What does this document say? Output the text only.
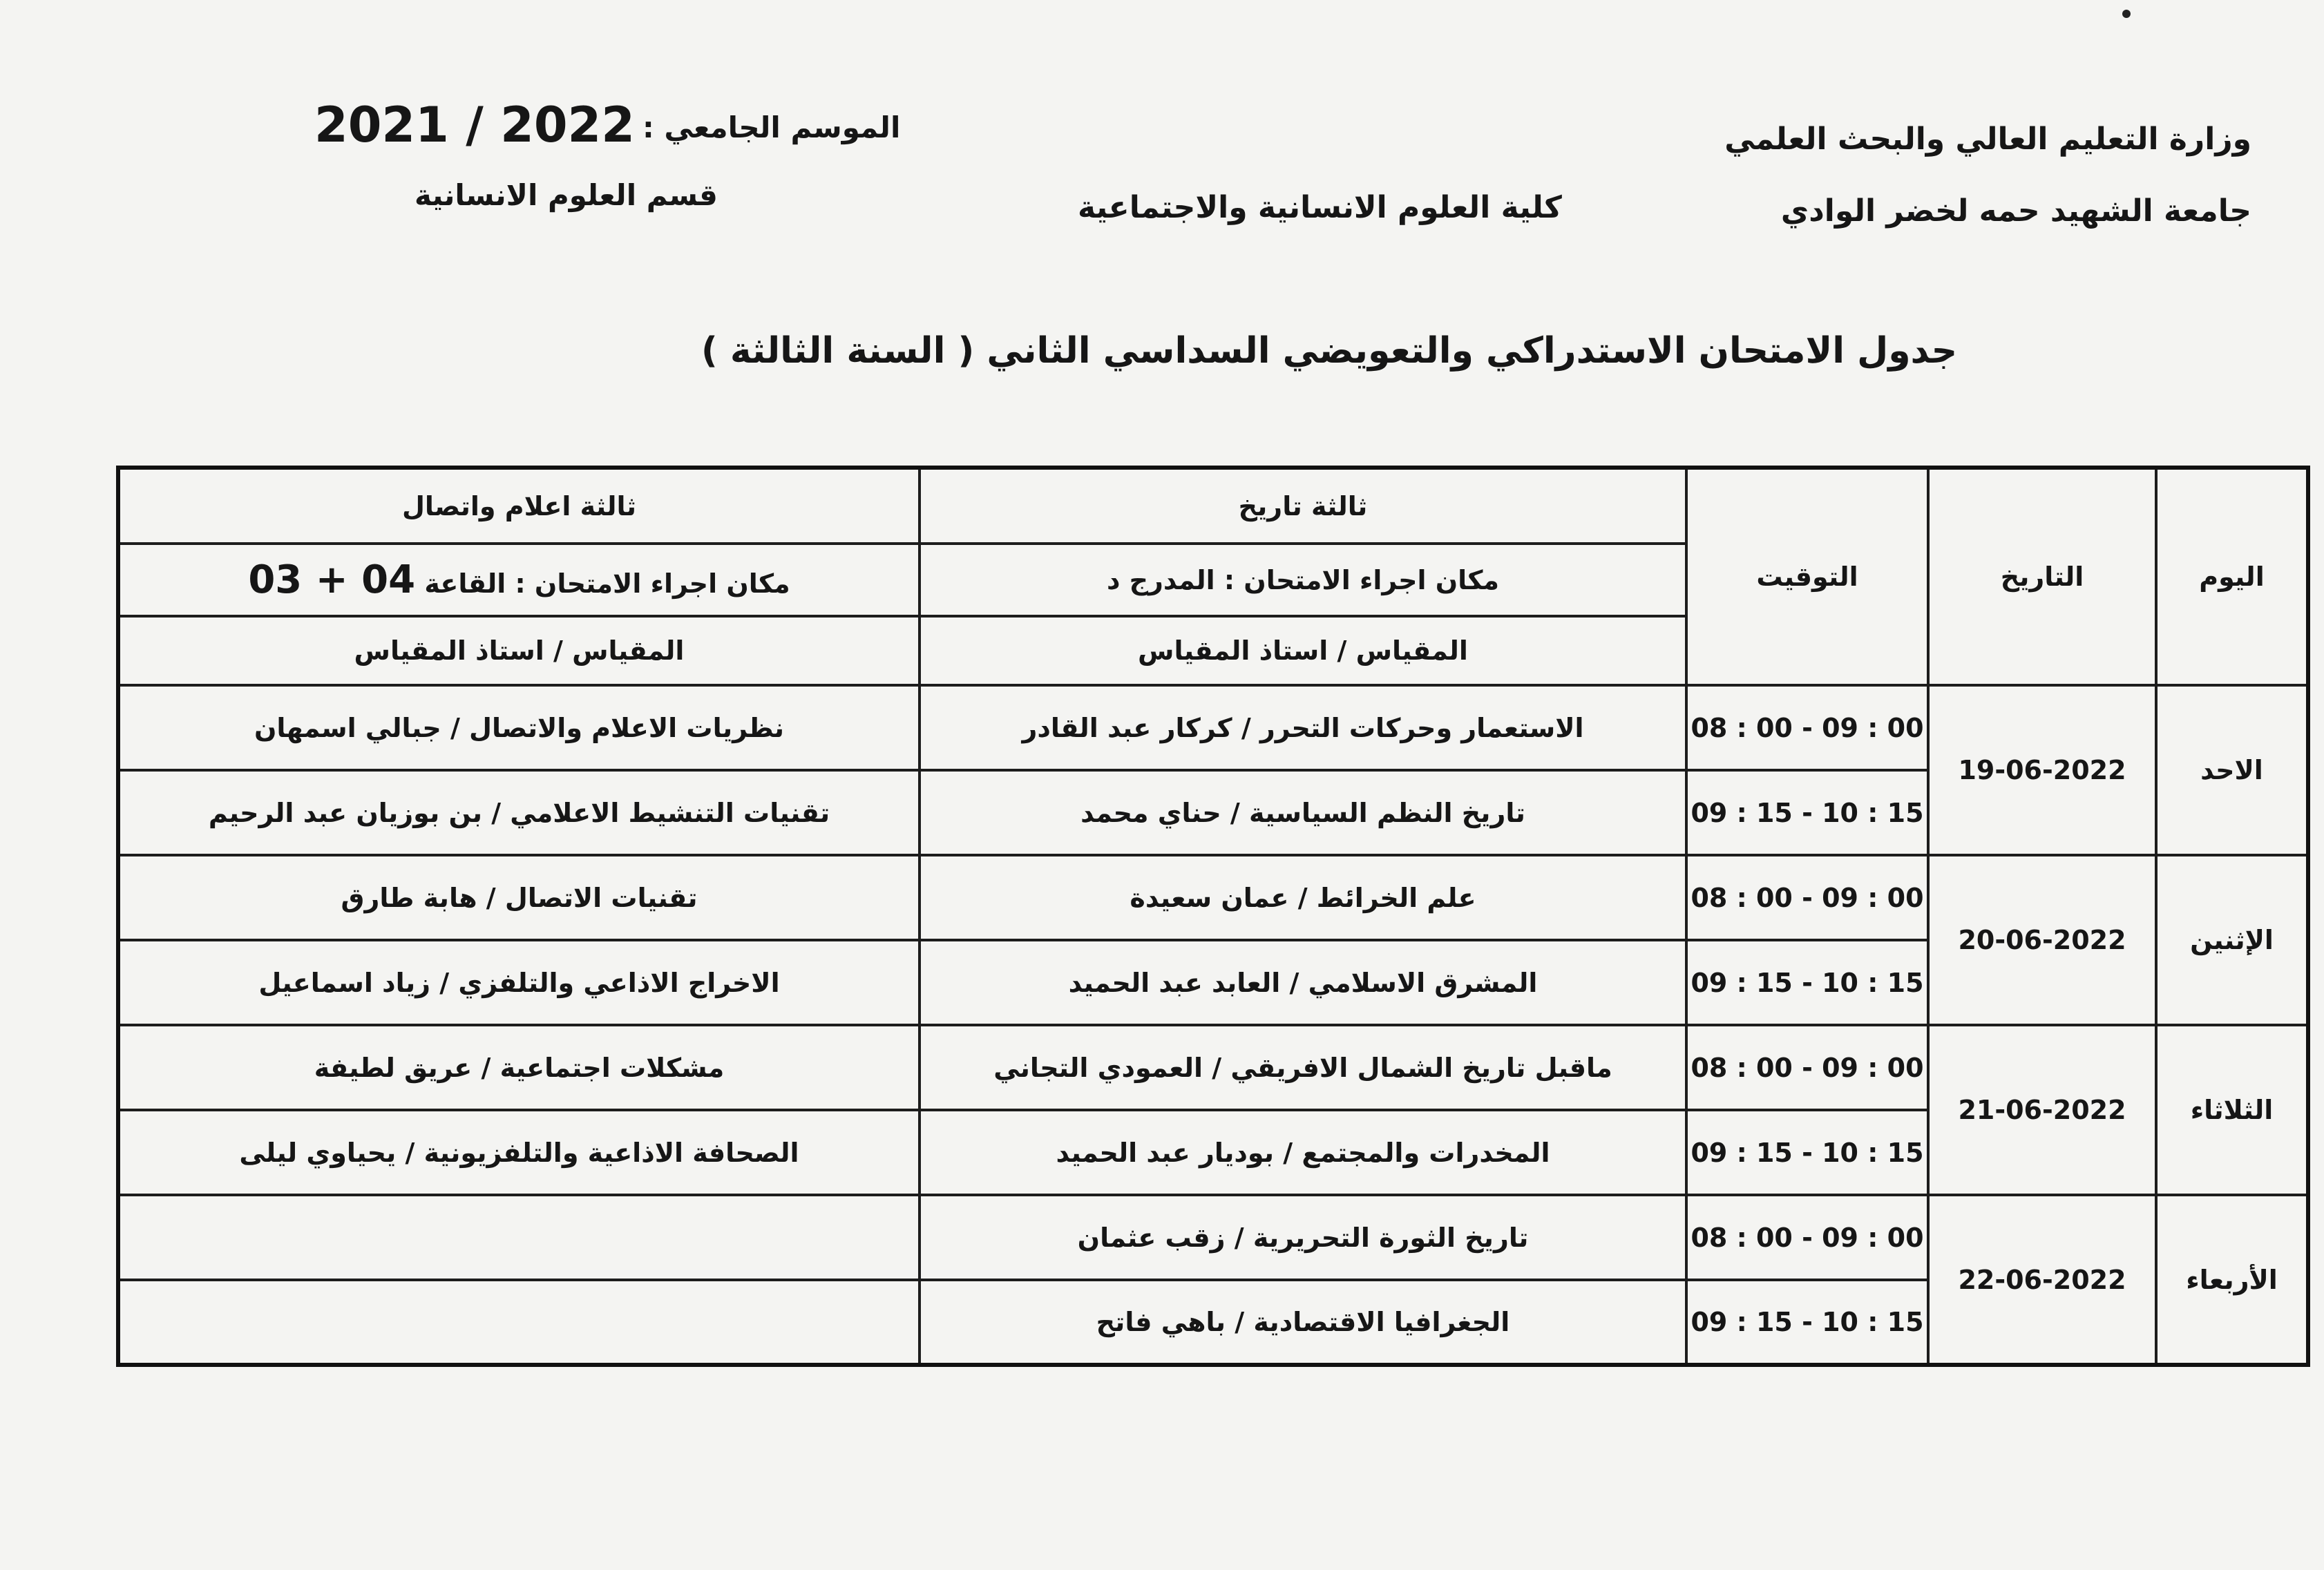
وزارة التعليم العالي والبحث العلمي
جامعة الشهيد حمه لخضر الوادي
كلية العلوم الانسانية والاجتماعية
قسم العلوم الانسانية
الموسم الجامعي :
2021 / 2022
جدول الامتحان الاستدراكي والتعويضي السداسي الثاني ( السنة الثالثة )
اليوم	التاريخ	التوقيت	ثالثة تاريخ	ثالثة اعلام واتصال
			مكان اجراء الامتحان : المدرج د	مكان اجراء الامتحان : القاعة 03 + 04
			المقياس / استاذ المقياس	المقياس / استاذ المقياس
الاحد	19-06-2022	08 : 00 - 09 : 00	الاستعمار وحركات التحرر / كركار عبد القادر	نظريات الاعلام والاتصال / جبالي اسمهان
		09 : 15 - 10 : 15	تاريخ النظم السياسية / حناي محمد	تقنيات التنشيط الاعلامي / بن بوزيان عبد الرحيم
الإثنين	20-06-2022	08 : 00 - 09 : 00	علم الخرائط / عمان سعيدة	تقنيات الاتصال / هابة طارق
		09 : 15 - 10 : 15	المشرق الاسلامي / العابد عبد الحميد	الاخراج الاذاعي والتلفزي / زياد اسماعيل
الثلاثاء	21-06-2022	08 : 00 - 09 : 00	ماقبل تاريخ الشمال الافريقي / العمودي التجاني	مشكلات اجتماعية / عريق لطيفة
		09 : 15 - 10 : 15	المخدرات والمجتمع / بوديار عبد الحميد	الصحافة الاذاعية والتلفزيونية / يحياوي ليلى
الأربعاء	22-06-2022	08 : 00 - 09 : 00	تاريخ الثورة التحريرية / زقب عثمان	
		09 : 15 - 10 : 15	الجغرافيا الاقتصادية / باهي فاتح	
